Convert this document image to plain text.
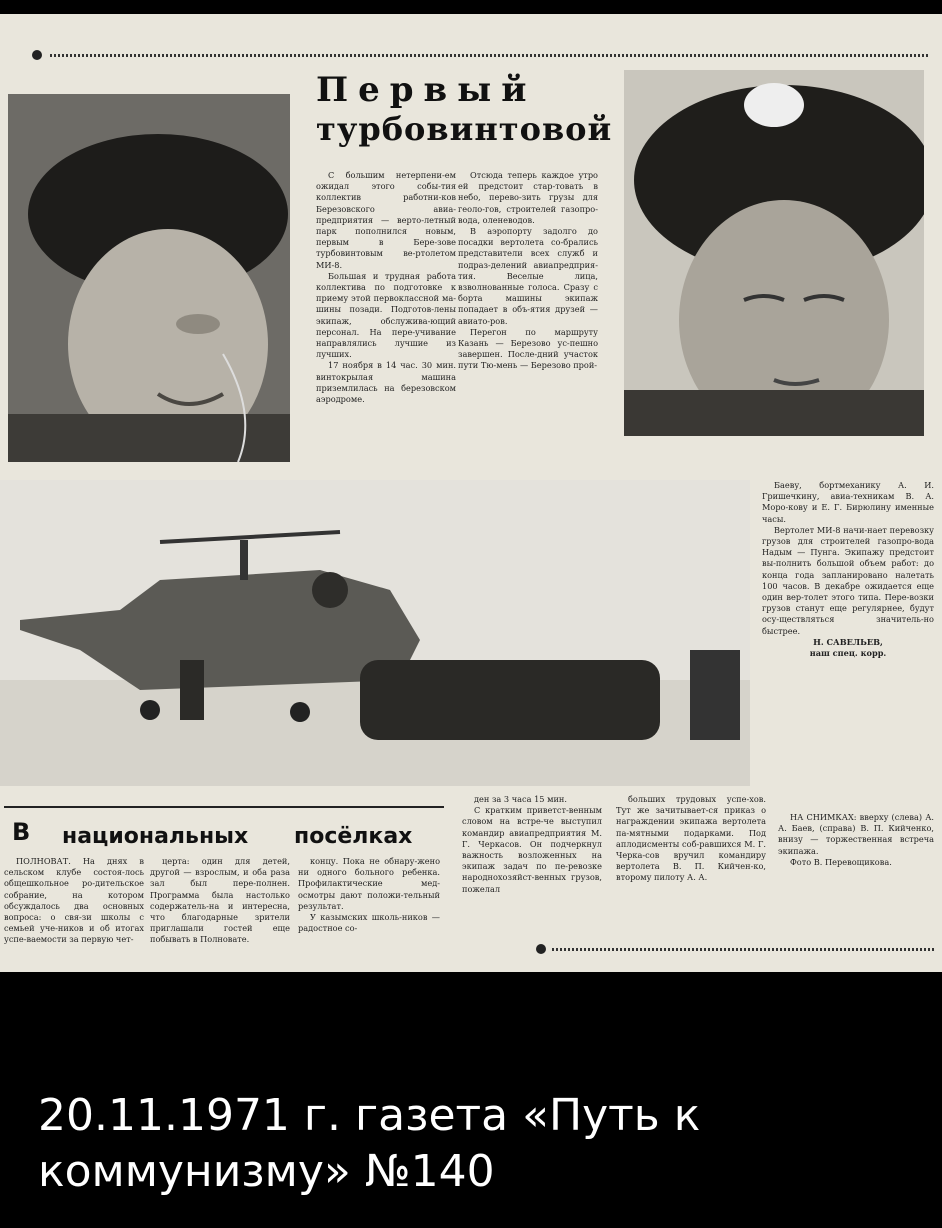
Первый
турбовинтовой

С большим нетерпени-ем ожидал этого собы-тия коллектив работни-ков Березовского авиа-предприятия — верто-летный парк пополнился новым, первым в Бере-зове турбовинтовым ве-ртолетом МИ-8.

Большая и трудная работа коллектива по подготовке к приему этой первоклассной ма-шины позади. Подготов-лены экипаж, обслужива-ющий персонал. На пере-учивание направлялись лучшие из лучших.

17 ноября в 14 час. 30 мин. винтокрылая машина приземлилась на березовском аэродроме.

Отсюда теперь каждое утро ей предстоит стар-товать в небо, перево-зить грузы для геоло-гов, строителей газопро-вода, оленеводов.

В аэропорту задолго до посадки вертолета со-брались представители всех служб и подраз-делений авиапредприя-тия. Веселые лица, взволнованные голоса. Сразу с борта машины экипаж попадает в объ-ятия друзей — авиато-ров.

Перегон по маршруту Казань — Березово ус-пешно завершен. После-дний участок пути Тю-мень — Березово прой-

Баеву, бортмеханику А. И. Гришечкину, авиа-техникам В. А. Моро-кову и Е. Г. Бирюлину именные часы.

Вертолет МИ-8 начи-нает перевозку грузов для строителей газопро-вода Надым — Пунга. Экипажу предстоит вы-полнить большой объем работ: до конца года запланировано налетать 100 часов. В декабре ожидается еще один вер-толет этого типа. Пере-возки грузов станут еще регулярнее, будут осу-ществляться значитель-но быстрее.

Н. САВЕЛЬЕВ,

наш спец. корр.

НА СНИМКАХ: вверху (слева) А. А. Баев, (справа) В. П. Кийченко, внизу — торжественная встреча экипажа.

Фото В. Перевощикова.

ден за 3 часа 15 мин.

С кратким приветст-венным словом на встре-че выступил командир авиапредприятия М. Г. Черкасов. Он подчеркнул важность возложенных на экипаж задач по пе-ревозке народнохозяйст-венных грузов, пожелал

больших трудовых успе-хов. Тут же зачитывает-ся приказ о награждении экипажа вертолета па-мятными подарками. Под аплодисменты соб-равшихся М. Г. Черка-сов вручил командиру вертолета В. П. Кийчен-ко, второму пилоту А. А.

В национальных посёлках

ПОЛНОВАТ. На днях в сельском клубе состоя-лось общешкольное ро-дительское собрание, на котором обсуждалось два основных вопроса: о свя-зи школы с семьей уче-ников и об итогах успе-ваемости за первую чет-

церта: один для детей, другой — взрослым, и оба раза зал был пере-полнен. Программа была настолько содержатель-на и интересна, что благодарные зрители приглашали гостей еще побывать в Полновате.

концу. Пока не обнару-жено ни одного больного ребенка. Профилактические мед-осмотры дают положи-тельный результат.

У казымских школь-ников — радостное со-

20.11.1971 г. газета «Путь к
коммунизму» №140
